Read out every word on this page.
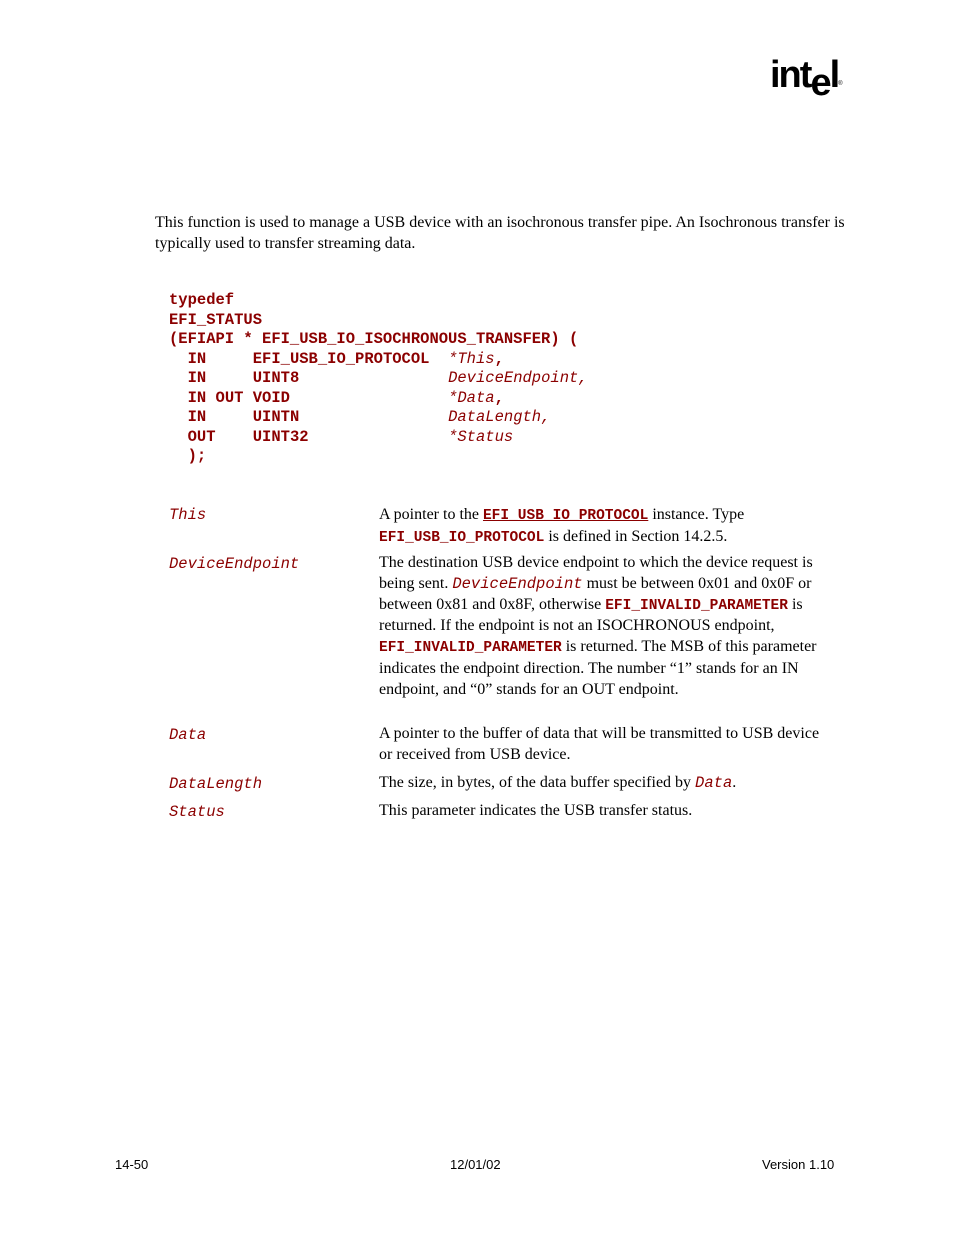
intel®
This function is used to manage a USB device with an isochronous transfer pipe. An Isochronous transfer is typically used to transfer streaming data.
typedef
EFI_STATUS
(EFIAPI * EFI_USB_IO_ISOCHRONOUS_TRANSFER) (
IN     EFI_USB_IO_PROTOCOL  *This,
IN     UINT8                DeviceEndpoint,
IN OUT VOID                 *Data,
IN     UINTN                DataLength,
OUT    UINT32               *Status
);
This	A pointer to the EFI_USB_IO_PROTOCOL instance. Type EFI_USB_IO_PROTOCOL is defined in Section 14.2.5.
DeviceEndpoint	The destination USB device endpoint to which the device request is being sent. DeviceEndpoint must be between 0x01 and 0x0F or between 0x81 and 0x8F, otherwise EFI_INVALID_PARAMETER is returned. If the endpoint is not an ISOCHRONOUS endpoint, EFI_INVALID_PARAMETER is returned. The MSB of this parameter indicates the endpoint direction. The number “1” stands for an IN endpoint, and “0” stands for an OUT endpoint.
Data	A pointer to the buffer of data that will be transmitted to USB device or received from USB device.
DataLength	The size, in bytes, of the data buffer specified by Data.
Status	This parameter indicates the USB transfer status.
14-50	12/01/02	Version 1.10
